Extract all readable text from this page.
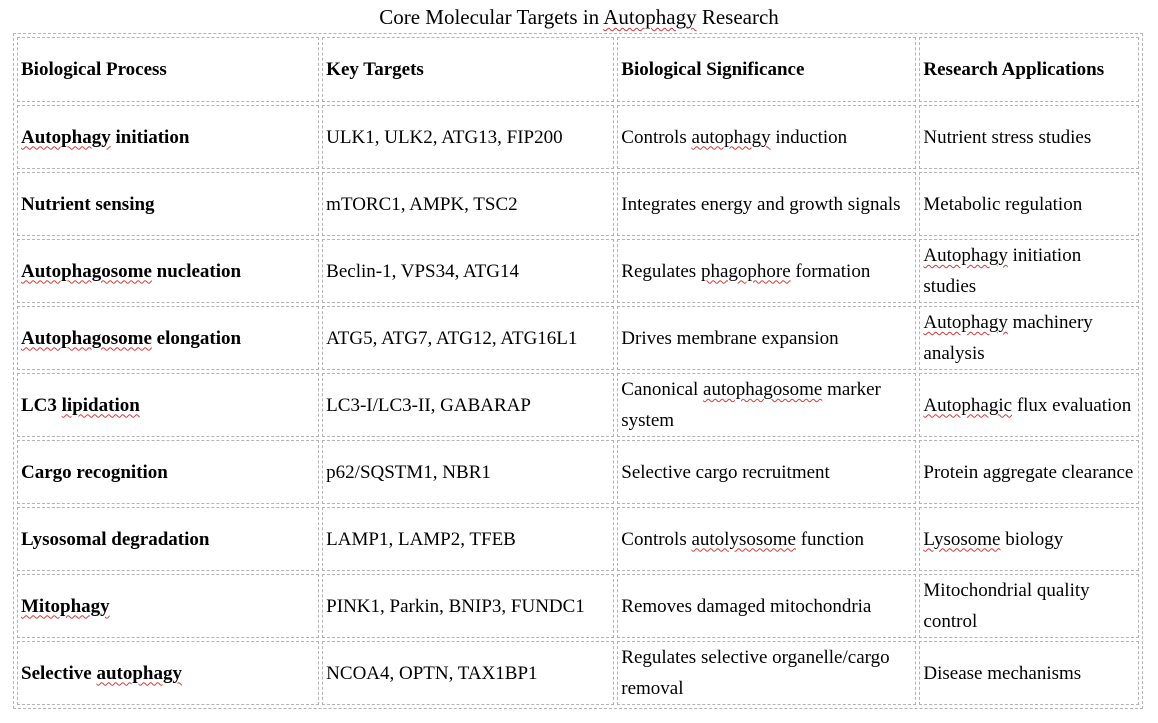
Core Molecular Targets in Autophagy Research
Biological Process	Key Targets	Biological Significance	Research Applications
Autophagy initiation	ULK1, ULK2, ATG13, FIP200	Controls autophagy induction	Nutrient stress studies
Nutrient sensing	mTORC1, AMPK, TSC2	Integrates energy and growth signals	Metabolic regulation
Autophagosome nucleation	Beclin-1, VPS34, ATG14	Regulates phagophore formation	Autophagy initiation studies
Autophagosome elongation	ATG5, ATG7, ATG12, ATG16L1	Drives membrane expansion	Autophagy machinery analysis
LC3 lipidation	LC3-I/LC3-II, GABARAP	Canonical autophagosome marker system	Autophagic flux evaluation
Cargo recognition	p62/SQSTM1, NBR1	Selective cargo recruitment	Protein aggregate clearance
Lysosomal degradation	LAMP1, LAMP2, TFEB	Controls autolysosome function	Lysosome biology
Mitophagy	PINK1, Parkin, BNIP3, FUNDC1	Removes damaged mitochondria	Mitochondrial quality control
Selective autophagy	NCOA4, OPTN, TAX1BP1	Regulates selective organelle/cargo removal	Disease mechanisms
